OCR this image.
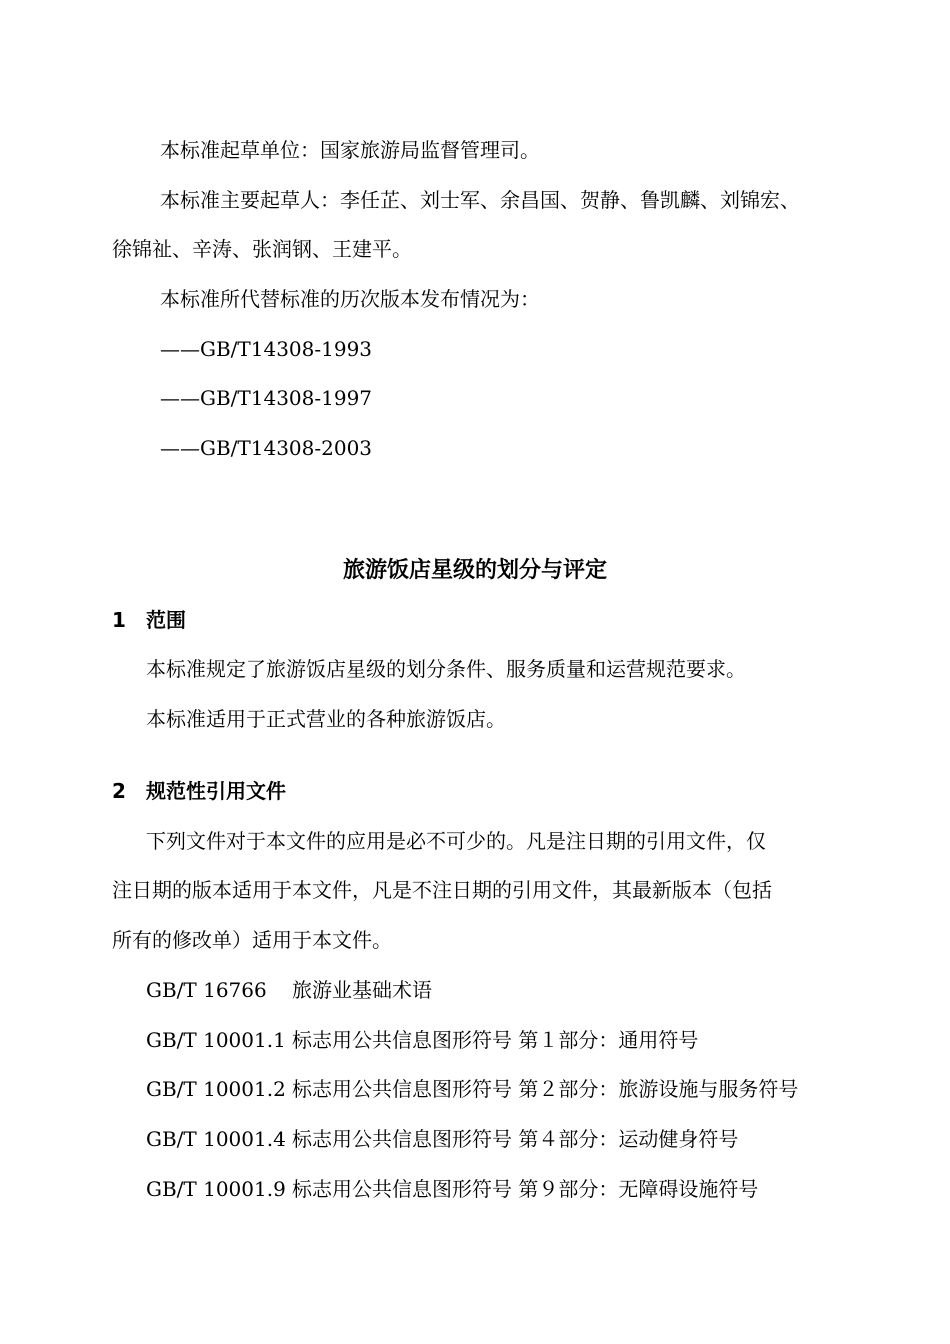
本标准起草单位：国家旅游局监督管理司。
本标准主要起草人：李任芷、刘士军、余昌国、贺静、鲁凯麟、刘锦宏、
徐锦祉、辛涛、张润钢、王建平。
本标准所代替标准的历次版本发布情况为：
——GB/T14308-1993
——GB/T14308-1997
——GB/T14308-2003
旅游饭店星级的划分与评定
1 范围
本标准规定了旅游饭店星级的划分条件、服务质量和运营规范要求。
本标准适用于正式营业的各种旅游饭店。
2 规范性引用文件
下列文件对于本文件的应用是必不可少的。凡是注日期的引用文件，仅
注日期的版本适用于本文件，凡是不注日期的引用文件，其最新版本（包括
所有的修改单）适用于本文件。
GB/T 16766 旅游业基础术语
GB/T 10001.1 标志用公共信息图形符号 第１部分：通用符号
GB/T 10001.2 标志用公共信息图形符号 第２部分：旅游设施与服务符号
GB/T 10001.4 标志用公共信息图形符号 第４部分：运动健身符号
GB/T 10001.9 标志用公共信息图形符号 第９部分：无障碍设施符号
